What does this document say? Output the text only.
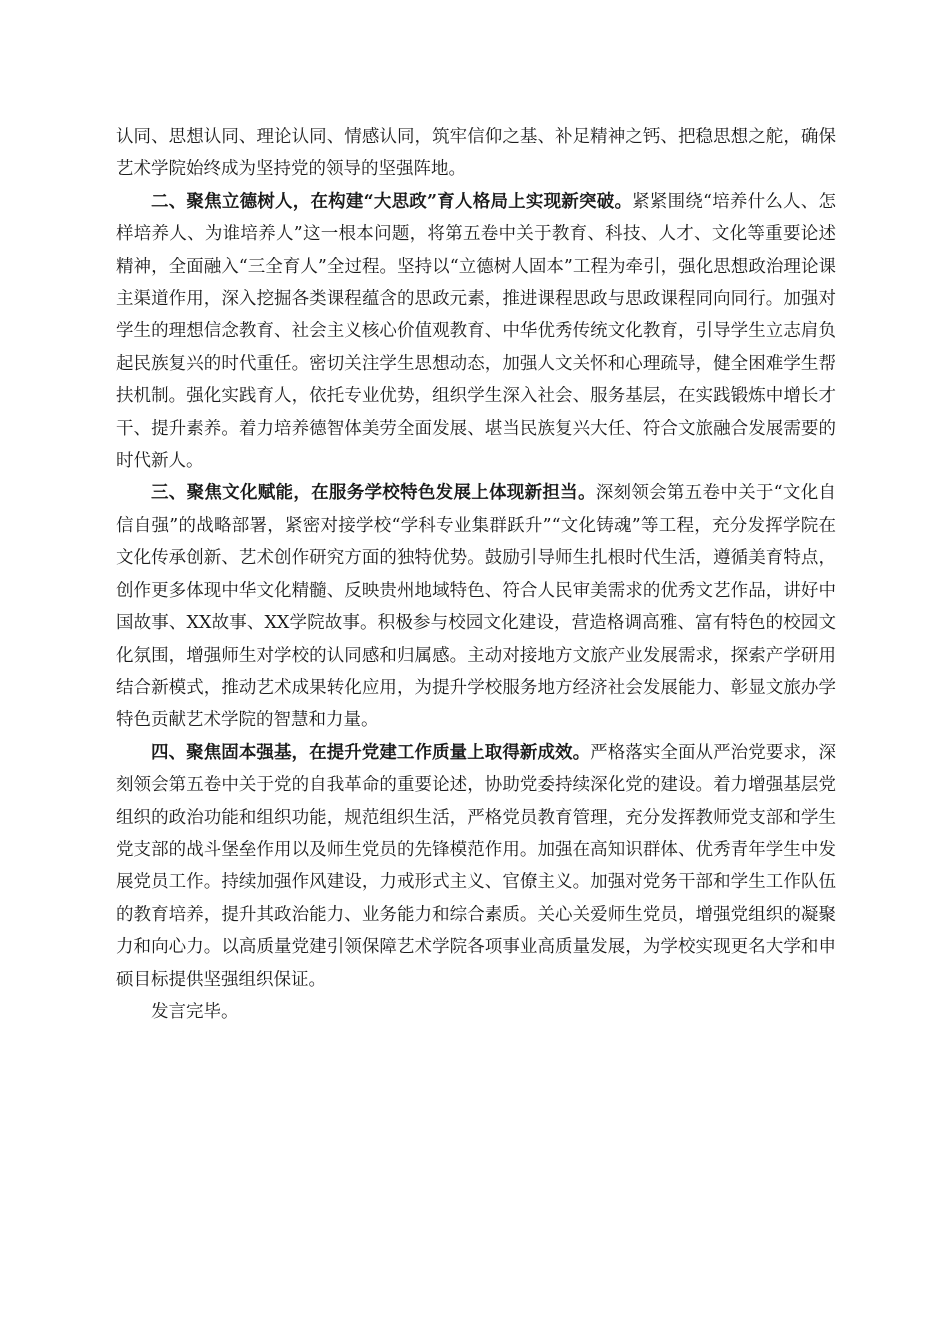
认同、思想认同、理论认同、情感认同，筑牢信仰之基、补足精神之钙、把稳思想之舵，确保艺术学院始终成为坚持党的领导的坚强阵地。

二、聚焦立德树人，在构建“大思政”育人格局上实现新突破。紧紧围绕“培养什么人、怎样培养人、为谁培养人”这一根本问题，将第五卷中关于教育、科技、人才、文化等重要论述精神，全面融入“三全育人”全过程。坚持以“立德树人固本”工程为牵引，强化思想政治理论课主渠道作用，深入挖掘各类课程蕴含的思政元素，推进课程思政与思政课程同向同行。加强对学生的理想信念教育、社会主义核心价值观教育、中华优秀传统文化教育，引导学生立志肩负起民族复兴的时代重任。密切关注学生思想动态，加强人文关怀和心理疏导，健全困难学生帮扶机制。强化实践育人，依托专业优势，组织学生深入社会、服务基层，在实践锻炼中增长才干、提升素养。着力培养德智体美劳全面发展、堪当民族复兴大任、符合文旅融合发展需要的时代新人。

三、聚焦文化赋能，在服务学校特色发展上体现新担当。深刻领会第五卷中关于“文化自信自强”的战略部署，紧密对接学校“学科专业集群跃升”“文化铸魂”等工程，充分发挥学院在文化传承创新、艺术创作研究方面的独特优势。鼓励引导师生扎根时代生活，遵循美育特点，创作更多体现中华文化精髓、反映贵州地域特色、符合人民审美需求的优秀文艺作品，讲好中国故事、XX故事、XX学院故事。积极参与校园文化建设，营造格调高雅、富有特色的校园文化氛围，增强师生对学校的认同感和归属感。主动对接地方文旅产业发展需求，探索产学研用结合新模式，推动艺术成果转化应用，为提升学校服务地方经济社会发展能力、彰显文旅办学特色贡献艺术学院的智慧和力量。

四、聚焦固本强基，在提升党建工作质量上取得新成效。严格落实全面从严治党要求，深刻领会第五卷中关于党的自我革命的重要论述，协助党委持续深化党的建设。着力增强基层党组织的政治功能和组织功能，规范组织生活，严格党员教育管理，充分发挥教师党支部和学生党支部的战斗堡垒作用以及师生党员的先锋模范作用。加强在高知识群体、优秀青年学生中发展党员工作。持续加强作风建设，力戒形式主义、官僚主义。加强对党务干部和学生工作队伍的教育培养，提升其政治能力、业务能力和综合素质。关心关爱师生党员，增强党组织的凝聚力和向心力。以高质量党建引领保障艺术学院各项事业高质量发展，为学校实现更名大学和申硕目标提供坚强组织保证。

发言完毕。
